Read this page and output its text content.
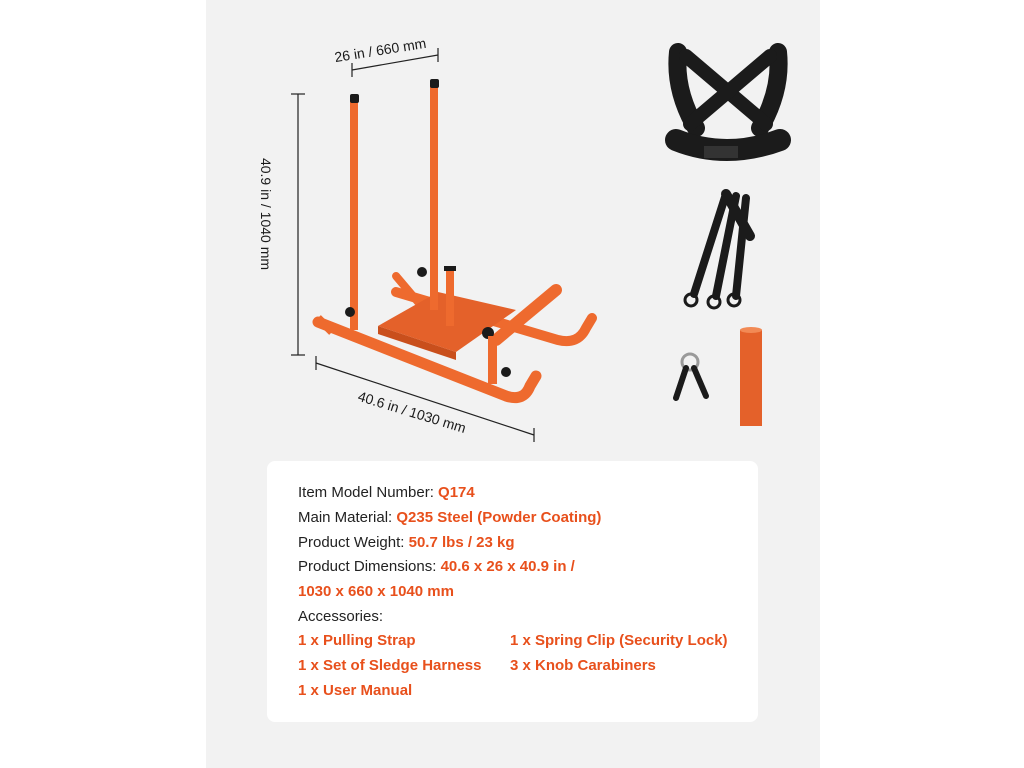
26 in / 660 mm
40.9 in / 1040 mm
40.6 in / 1030 mm
Item Model Number: Q174
Main Material: Q235 Steel (Powder Coating)
Product Weight: 50.7 lbs / 23 kg
Product Dimensions: 40.6 x 26 x 40.9 in /
1030 x 660 x 1040 mm
Accessories:
1 x Pulling Strap	1 x Spring Clip (Security Lock)
1 x Set of Sledge Harness 3 x Knob Carabiners
1 x User Manual
